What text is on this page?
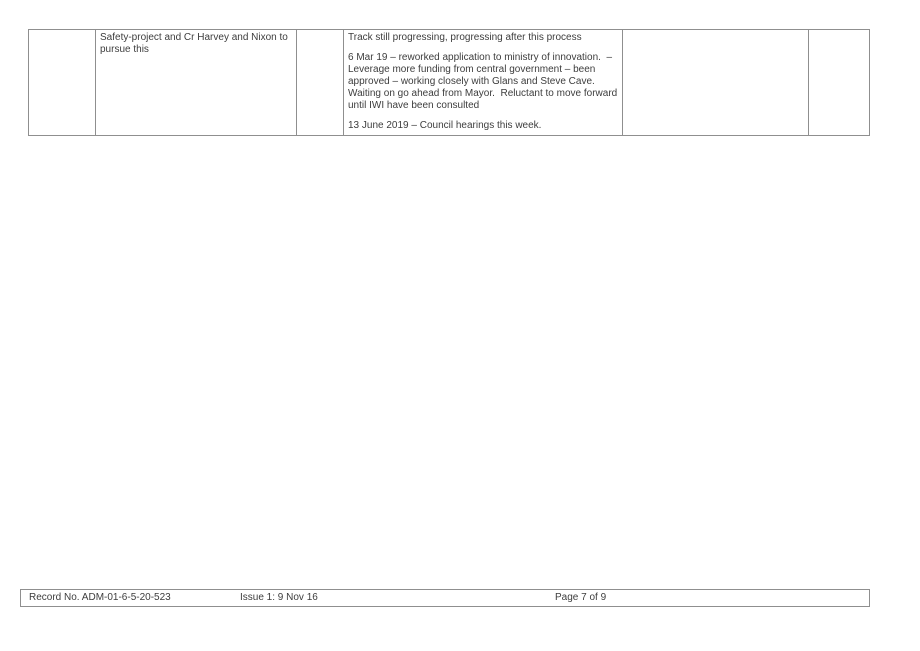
Safety-project and Cr Harvey and Nixon to
pursue this

Track still progressing, progressing after this process
6 Mar 19 – reworked application to ministry of innovation.  –
Leverage more funding from central government – been
approved – working closely with Glans and Steve Cave.
Waiting on go ahead from Mayor.  Reluctant to move forward
until IWI have been consulted
13 June 2019 – Council hearings this week.

Record No. ADM-01-6-5-20-523	Issue 1: 9 Nov 16	Page 7 of 9
